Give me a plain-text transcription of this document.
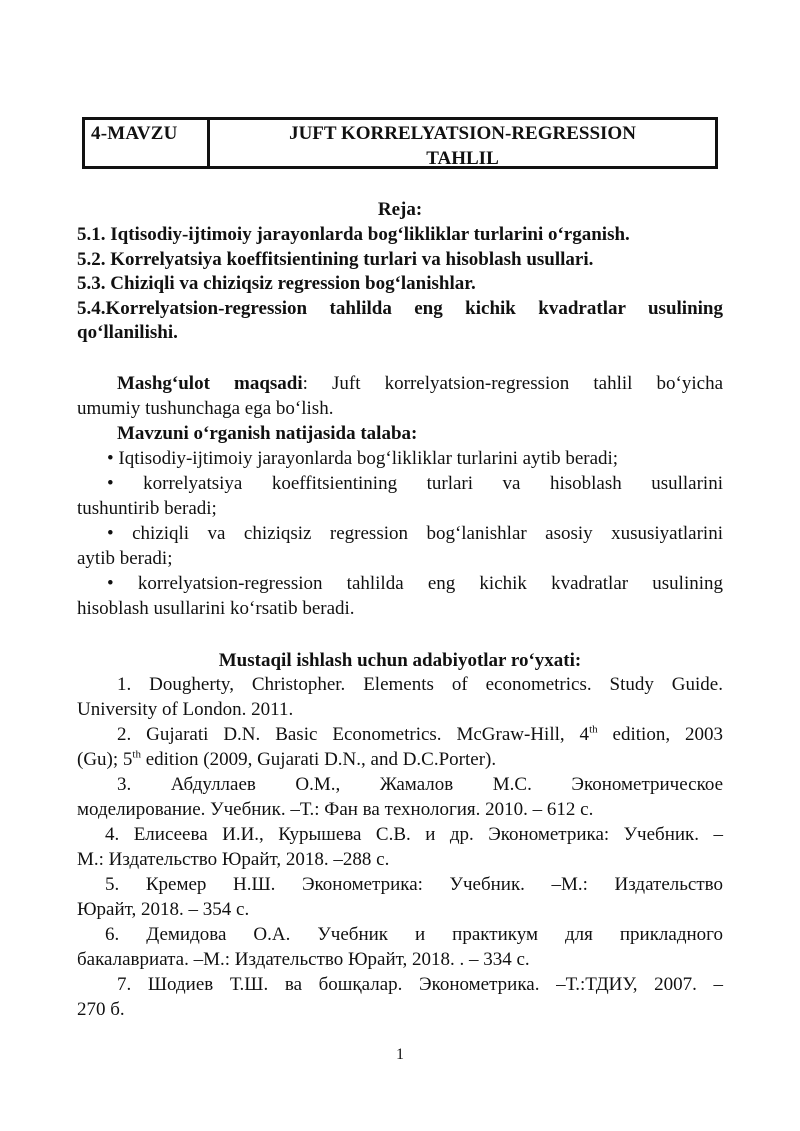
4-MAVZU	JUFT KORRELYATSION-REGRESSION
TAHLIL
Reja:

5.1. Iqtisodiy-ijtimoiy jarayonlarda bog‘likliklar turlarini o‘rganish.

5.2. Korrelyatsiya koeffitsientining turlari va hisoblash usullari.

5.3. Chiziqli va chiziqsiz regression bog‘lanishlar.

5.4.Korrelyatsion-regression tahlilda eng kichik kvadratlar usulining

qo‘llanilishi.

Mashg‘ulot maqsadi: Juft korrelyatsion-regression tahlil bo‘yicha

umumiy tushunchaga ega bo‘lish.

Mavzuni o‘rganish natijasida talaba:

• Iqtisodiy-ijtimoiy jarayonlarda bog‘likliklar turlarini aytib beradi;

• korrelyatsiya koeffitsientining turlari va hisoblash usullarini

tushuntirib beradi;

• chiziqli va chiziqsiz regression bog‘lanishlar asosiy xususiyatlarini

aytib beradi;

• korrelyatsion-regression tahlilda eng kichik kvadratlar usulining

hisoblash usullarini ko‘rsatib beradi.

Mustaqil ishlash uchun adabiyotlar ro‘yxati:

1. Dougherty, Christopher. Elements of econometrics. Study Guide.

University of London. 2011.

2. Gujarati D.N. Basic Econometrics. McGraw-Hill, 4th edition, 2003

(Gu); 5th edition (2009, Gujarati D.N., and D.C.Porter).

3. Абдуллаев О.М., Жамалов М.С. Эконометрическое

моделирование. Учебник. –Т.: Фан ва технология. 2010. – 612 с.

4. Елисеева И.И., Курышева С.В. и др. Эконометрика: Учебник. –

М.: Издательство Юрайт, 2018. –288 с.

5. Кремер Н.Ш. Эконометрика: Учебник. –М.: Издательство

Юрайт, 2018. – 354 с.

6. Демидова О.А. Учебник и практикум для прикладного

бакалавриата. –М.: Издательство Юрайт, 2018. . – 334 с.

7. Шодиев Т.Ш. ва бошқалар. Эконометрика. –Т.:ТДИУ, 2007. –

270 б.

1
